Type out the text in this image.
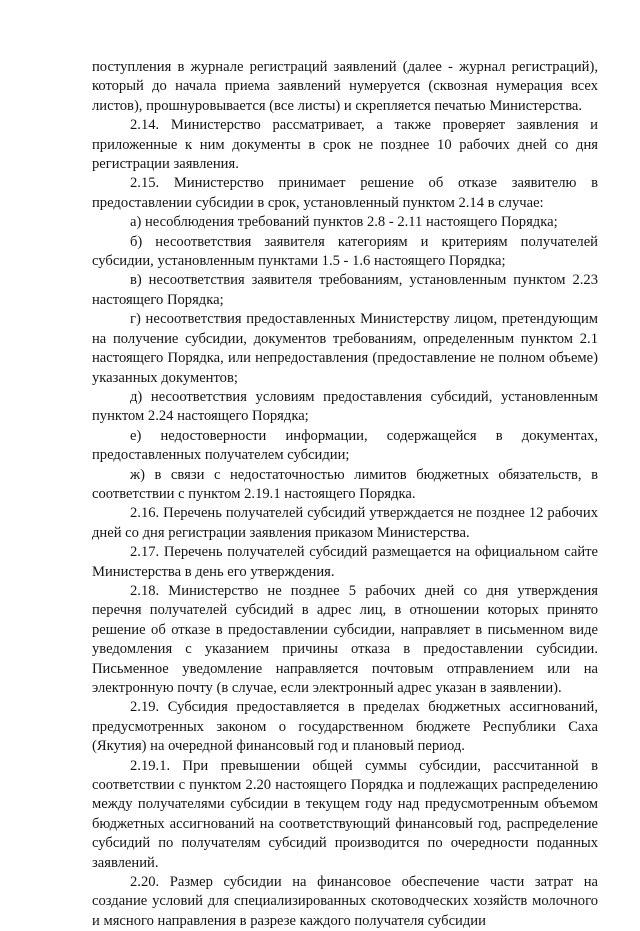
поступления в журнале регистраций заявлений (далее - журнал регистраций), который до начала приема заявлений нумеруется (сквозная нумерация всех листов), прошнуровывается (все листы) и скрепляется печатью Министерства.

2.14. Министерство рассматривает, а также проверяет заявления и приложенные к ним документы в срок не позднее 10 рабочих дней со дня регистрации заявления.

2.15. Министерство принимает решение об отказе заявителю в предоставлении субсидии в срок, установленный пунктом 2.14 в случае:

а) несоблюдения требований пунктов 2.8 - 2.11 настоящего Порядка;

б) несоответствия заявителя категориям и критериям получателей субсидии, установленным пунктами 1.5 - 1.6 настоящего Порядка;

в) несоответствия заявителя требованиям, установленным пунктом 2.23 настоящего Порядка;

г) несоответствия предоставленных Министерству лицом, претендующим на получение субсидии, документов требованиям, определенным пунктом 2.1 настоящего Порядка, или непредоставления (предоставление не полном объеме) указанных документов;

д) несоответствия условиям предоставления субсидий, установленным пунктом 2.24 настоящего Порядка;

е) недостоверности информации, содержащейся в документах, предоставленных получателем субсидии;

ж) в связи с недостаточностью лимитов бюджетных обязательств, в соответствии с пунктом 2.19.1 настоящего Порядка.

2.16. Перечень получателей субсидий утверждается не позднее 12 рабочих дней со дня регистрации заявления приказом Министерства.

2.17. Перечень получателей субсидий размещается на официальном сайте Министерства в день его утверждения.

2.18. Министерство не позднее 5 рабочих дней со дня утверждения перечня получателей субсидий в адрес лиц, в отношении которых принято решение об отказе в предоставлении субсидии, направляет в письменном виде уведомления с указанием причины отказа в предоставлении субсидии. Письменное уведомление направляется почтовым отправлением или на электронную почту (в случае, если электронный адрес указан в заявлении).

2.19. Субсидия предоставляется в пределах бюджетных ассигнований, предусмотренных законом о государственном бюджете Республики Саха (Якутия) на очередной финансовый год и плановый период.

2.19.1. При превышении общей суммы субсидии, рассчитанной в соответствии с пунктом 2.20 настоящего Порядка и подлежащих распределению между получателями субсидии в текущем году над предусмотренным объемом бюджетных ассигнований на соответствующий финансовый год, распределение субсидий по получателям субсидий производится по очередности поданных заявлений.

2.20. Размер субсидии на финансовое обеспечение части затрат на создание условий для специализированных скотоводческих хозяйств молочного и мясного направления в разрезе каждого получателя субсидии
